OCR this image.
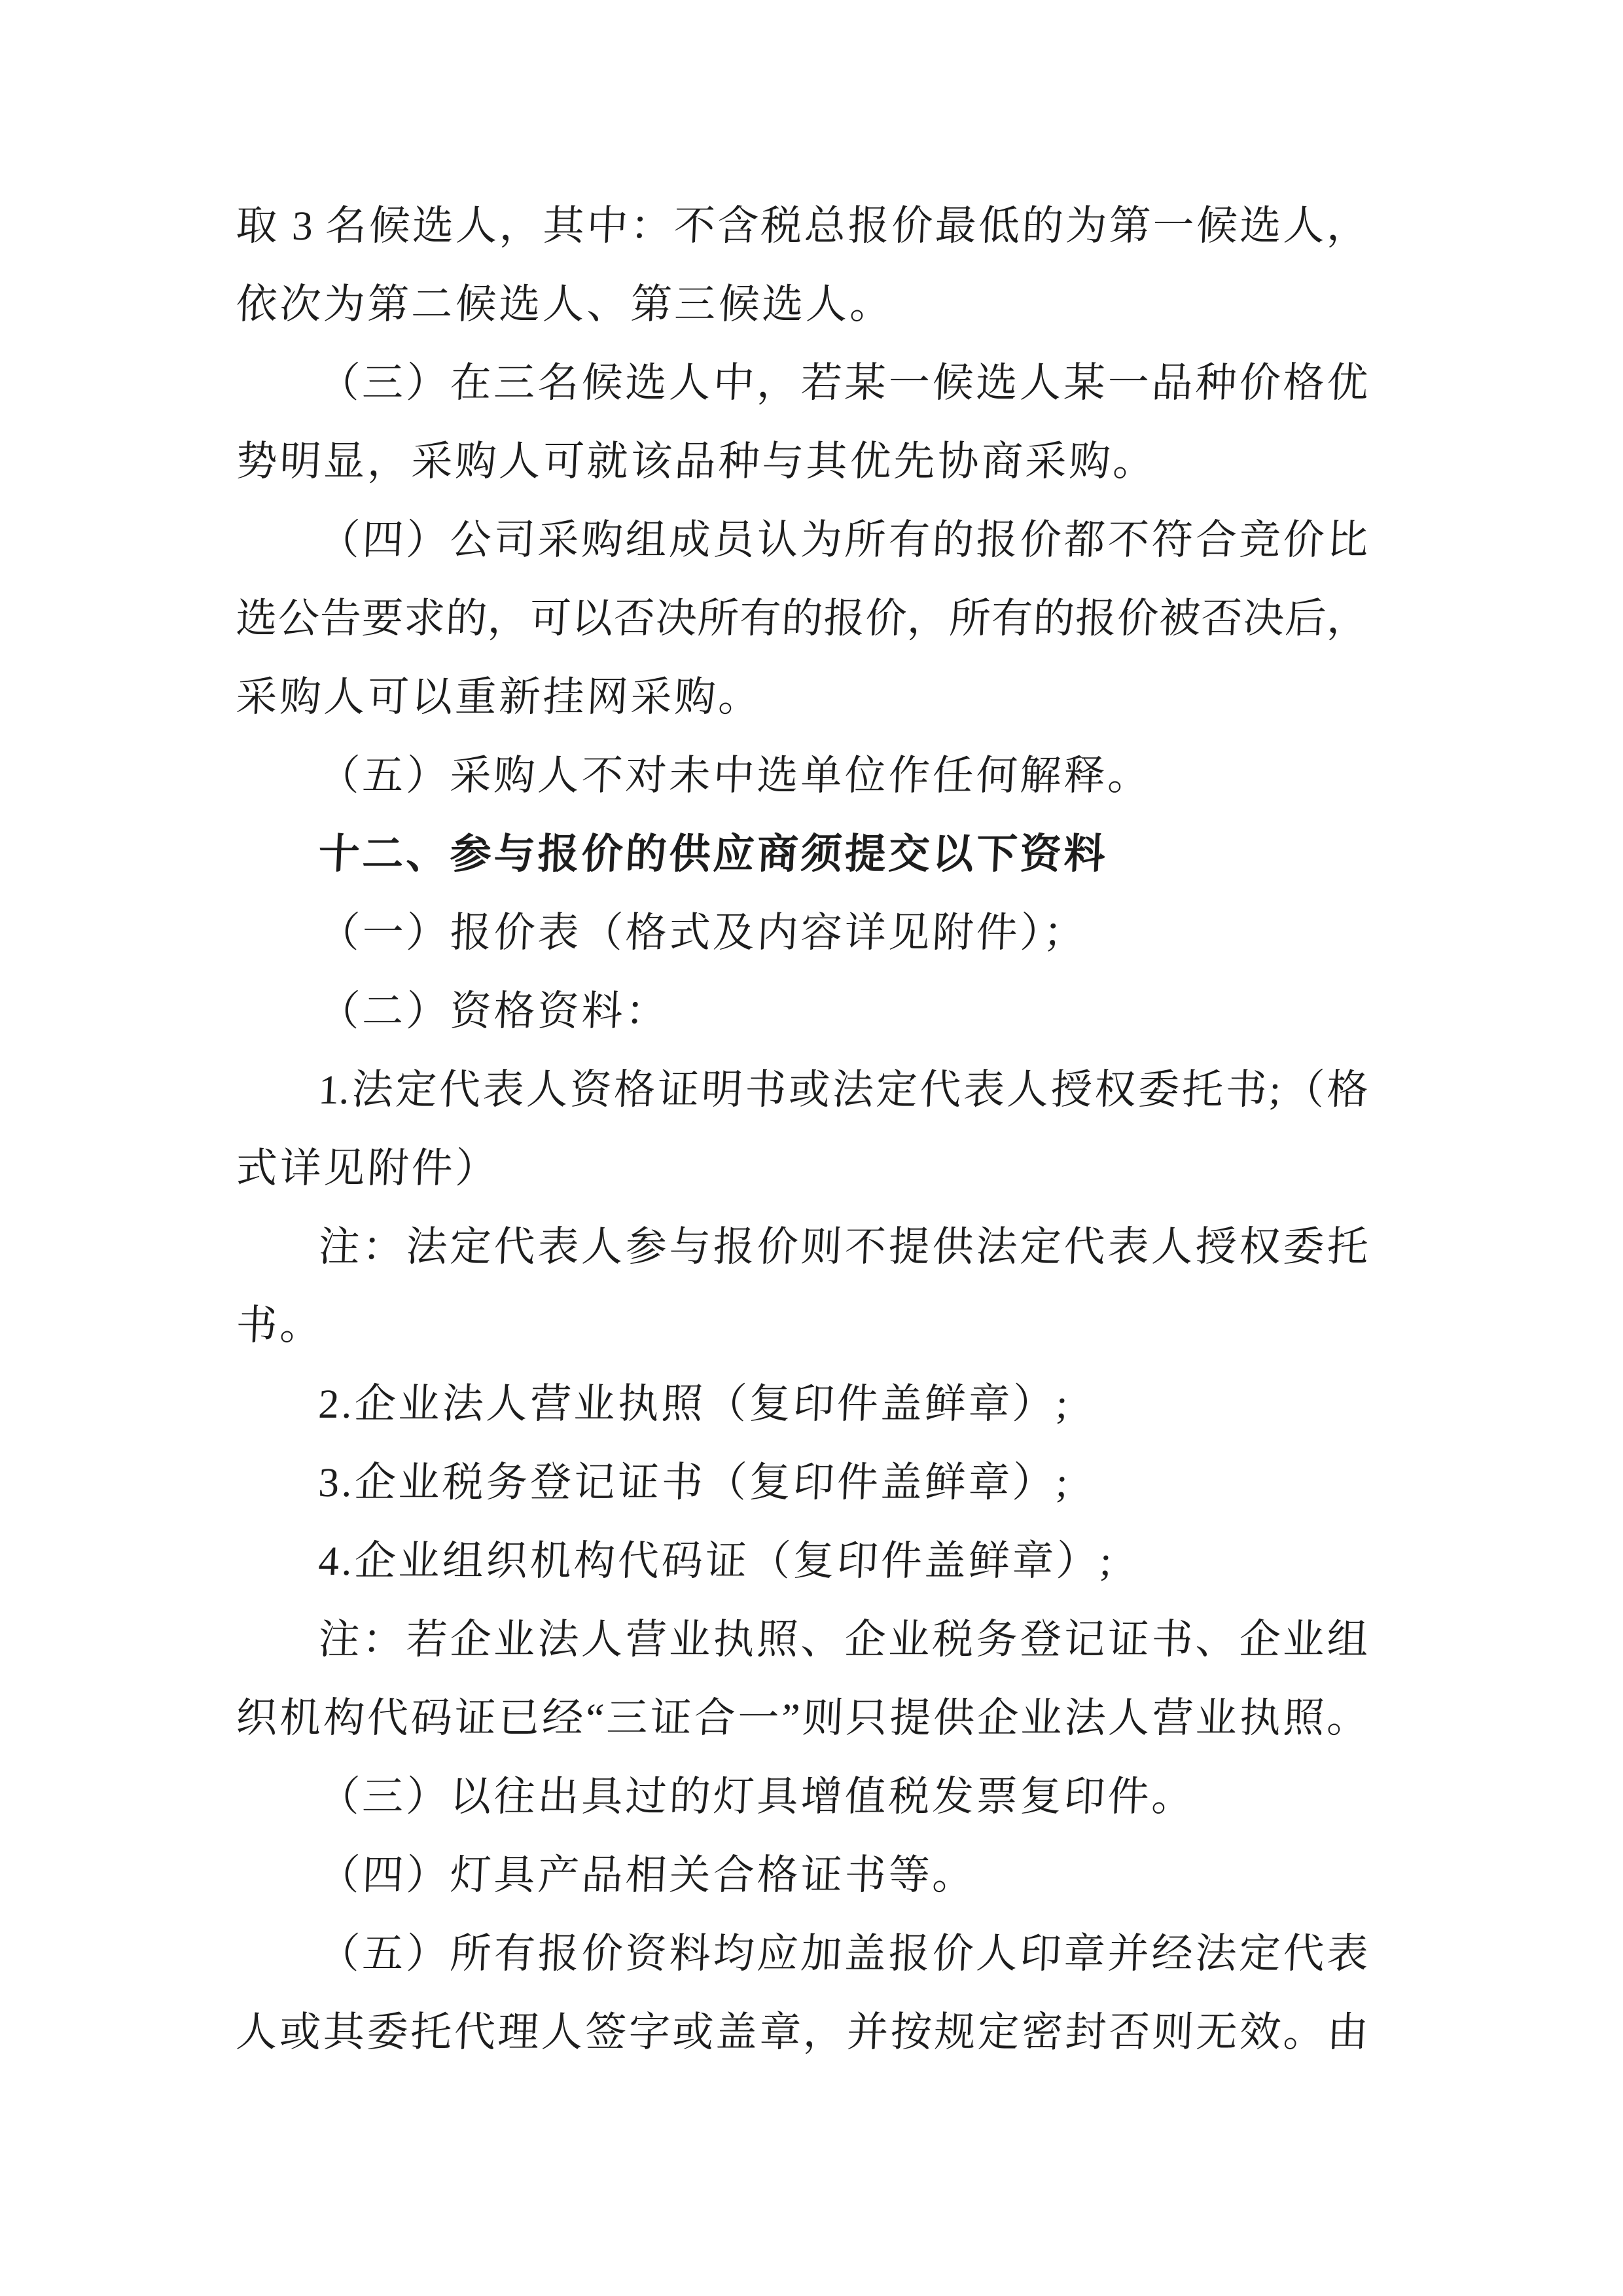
取 3 名候选人，其中：不含税总报价最低的为第一候选人，
依次为第二候选人、第三候选人。
（三）在三名候选人中，若某一候选人某一品种价格优
势明显，采购人可就该品种与其优先协商采购。
（四）公司采购组成员认为所有的报价都不符合竞价比
选公告要求的，可以否决所有的报价，所有的报价被否决后，
采购人可以重新挂网采购。
（五）采购人不对未中选单位作任何解释。
十二、参与报价的供应商须提交以下资料
（一）报价表（格式及内容详见附件）；
（二）资格资料：
1.法定代表人资格证明书或法定代表人授权委托书;（格
式详见附件）
注：法定代表人参与报价则不提供法定代表人授权委托
书。
2.企业法人营业执照（复印件盖鲜章）;
3.企业税务登记证书（复印件盖鲜章）;
4.企业组织机构代码证（复印件盖鲜章）;
注：若企业法人营业执照、企业税务登记证书、企业组
织机构代码证已经“三证合一”则只提供企业法人营业执照。
（三）以往出具过的灯具增值税发票复印件。
（四）灯具产品相关合格证书等。
（五）所有报价资料均应加盖报价人印章并经法定代表
人或其委托代理人签字或盖章，并按规定密封否则无效。由
